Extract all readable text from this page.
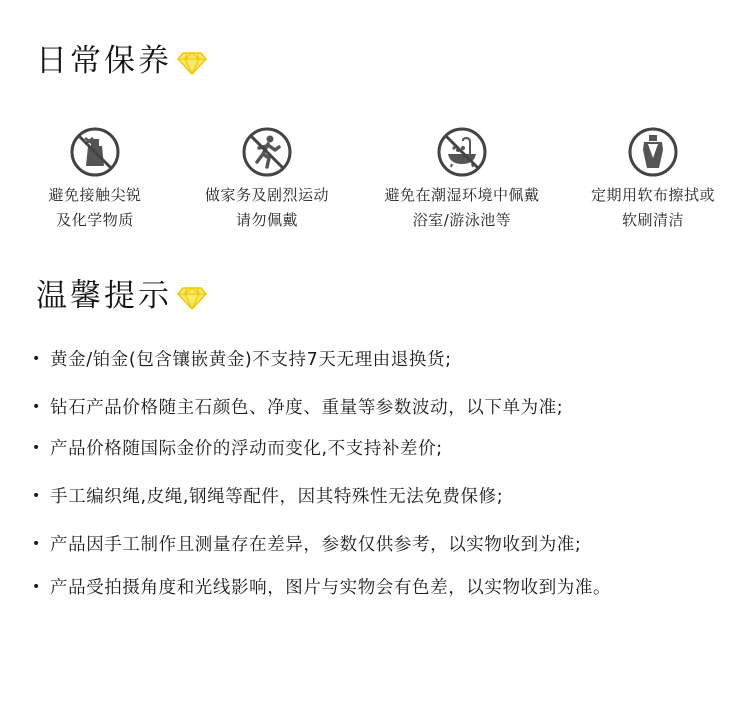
日常保养
避免接触尖锐
及化学物质
做家务及剧烈运动
请勿佩戴
避免在潮湿环境中佩戴
浴室/游泳池等
定期用软布擦拭或
软刷清洁
温馨提示
• 黄金/铂金(包含镶嵌黄金)不支持7天无理由退换货;
• 钻石产品价格随主石颜色、净度、重量等参数波动，以下单为准;
• 产品价格随国际金价的浮动而变化,不支持补差价;
• 手工编织绳,皮绳,钢绳等配件，因其特殊性无法免费保修;
• 产品因手工制作且测量存在差异，参数仅供参考，以实物收到为准;
• 产品受拍摄角度和光线影响，图片与实物会有色差，以实物收到为准。
